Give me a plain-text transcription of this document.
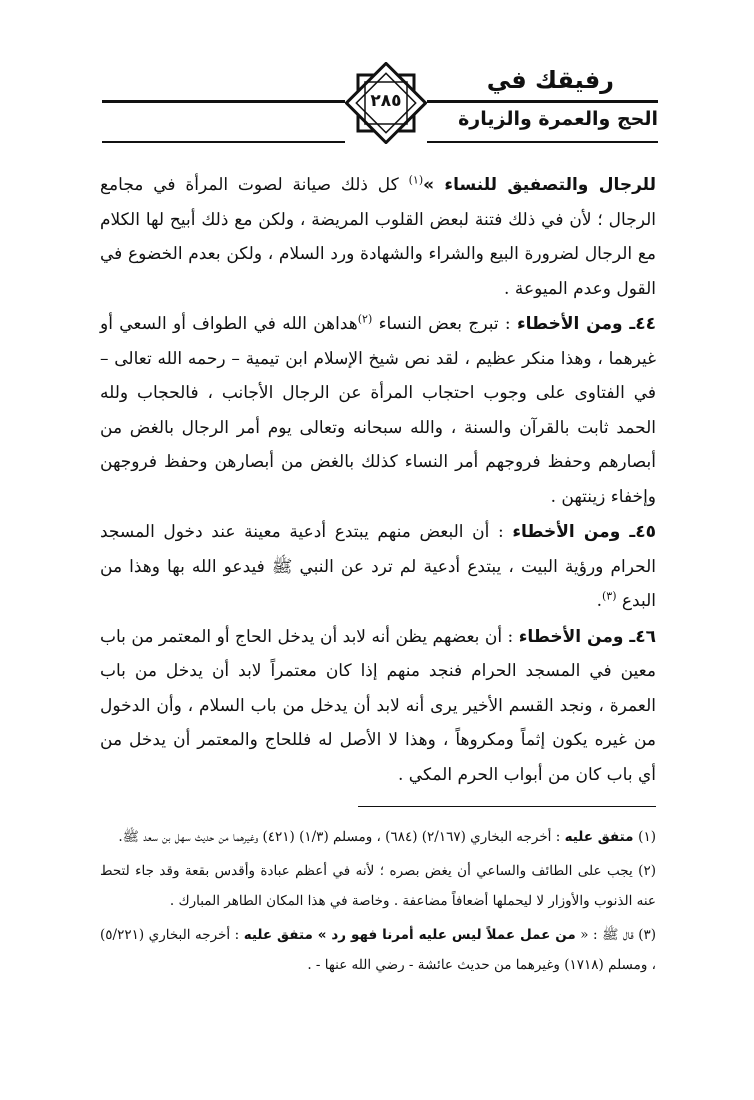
رفيقك في
الحج والعمرة والزيارة
٢٨٥

للرجال والتصفيق للنساء »$^{(١)}$ كل ذلك صيانة لصوت المرأة في مجامع الرجال ؛ لأن في ذلك فتنة لبعض القلوب المريضة ، ولكن مع ذلك أبيح لها الكلام مع الرجال لضرورة البيع والشراء والشهادة ورد السلام ، ولكن بعدم الخضوع في القول وعدم الميوعة .

٤٤ـ ومن الأخطاء : تبرج بعض النساء $^{(٢)}$هداهن الله في الطواف أو السعي أو غيرهما ، وهذا منكر عظيم ، لقد نص شيخ الإسلام ابن تيمية – رحمه الله تعالى – في الفتاوى على وجوب احتجاب المرأة عن الرجال الأجانب ، فالحجاب ولله الحمد ثابت بالقرآن والسنة ، والله سبحانه وتعالى يوم أمر الرجال بالغض من أبصارهم وحفظ فروجهم أمر النساء كذلك بالغض من أبصارهن وحفظ فروجهن وإخفاء زينتهن .

٤٥ـ ومن الأخطاء : أن البعض منهم يبتدع أدعية معينة عند دخول المسجد الحرام ورؤية البيت ، يبتدع أدعية لم ترد عن النبي ﷺ فيدعو الله بها وهذا من البدع $^{(٣)}$.

٤٦ـ ومن الأخطاء : أن بعضهم يظن أنه لابد أن يدخل الحاج أو المعتمر من باب معين في المسجد الحرام فنجد منهم إذا كان معتمراً لابد أن يدخل من باب العمرة ، ونجد القسم الأخير يرى أنه لابد أن يدخل من باب السلام ، وأن الدخول من غيره يكون إثماً ومكروهاً ، وهذا لا الأصل له فللحاج والمعتمر أن يدخل من أي باب كان من أبواب الحرم المكي .

(١) متفق عليه : أخرجه البخاري (٢/١٦٧) (٦٨٤) ، ومسلم (١/٣) (٤٢١) وغيرهما من حديث سهل بن سعد ﷺ.

(٢) يجب على الطائف والساعي أن يغض بصره ؛ لأنه في أعظم عبادة وأقدس بقعة وقد جاء لتحط عنه الذنوب والأوزار لا ليحملها أضعافاً مضاعفة . وخاصة في هذا المكان الطاهر المبارك .

(٣) قال ﷺ : « من عمل عملاً ليس عليه أمرنا فهو رد » متفق عليه : أخرجه البخاري (٥/٢٢١) ، ومسلم (١٧١٨) وغيرهما من حديث عائشة - رضي الله عنها - .
